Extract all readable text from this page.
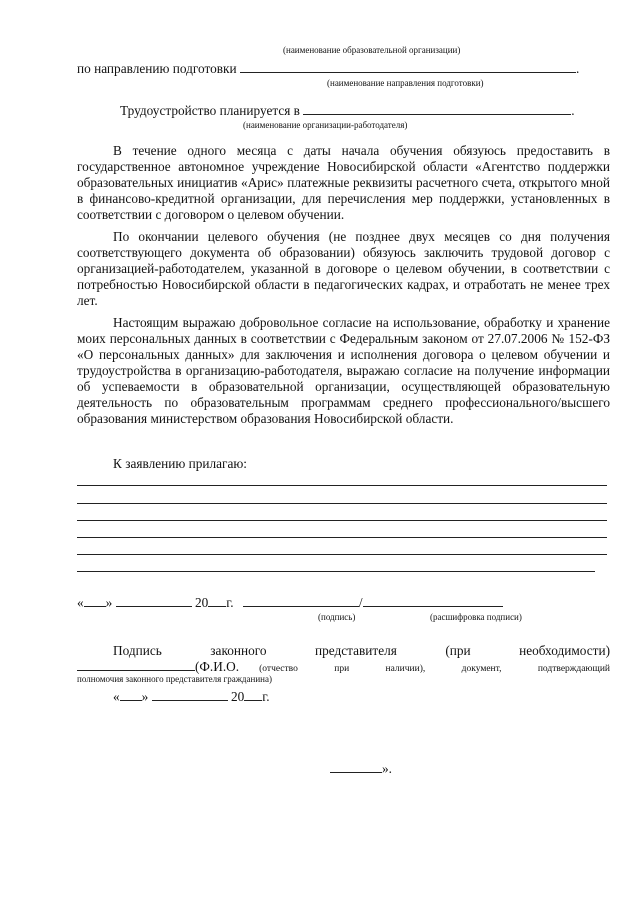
(наименование образовательной организации)
по направлению подготовки	.
(наименование направления подготовки)
Трудоустройство планируется в	.
(наименование организации-работодателя)
В течение одного месяца с даты начала обучения обязуюсь предоставить в государственное автономное учреждение Новосибирской области «Агентство поддержки образовательных инициатив «Арис» платежные реквизиты расчетного счета, открытого мной в финансово-кредитной организации, для перечисления мер поддержки, установленных в соответствии с договором о целевом обучении.
По окончании целевого обучения (не позднее двух месяцев со дня получения соответствующего документа об образовании) обязуюсь заключить трудовой договор с организацией-работодателем, указанной в договоре о целевом обучении, в соответствии с потребностью Новосибирской области в педагогических кадрах, и отработать не менее трех лет.
Настоящим выражаю добровольное согласие на использование, обработку и хранение моих персональных данных в соответствии с Федеральным законом от 27.07.2006 № 152-ФЗ «О персональных данных» для заключения и исполнения договора о целевом обучении и трудоустройства в организацию-работодателя, выражаю согласие на получение информации об успеваемости в образовательной организации, осуществляющей образовательную деятельность по образовательным программам среднего профессионального/высшего образования министерством образования Новосибирской области.
К заявлению прилагаю:
« »	20 г.	/
(подпись)	(расшифровка подписи)
Подпись законного представителя (при необходимости)
(Ф.И.О. (отчество при наличии), документ, подтверждающий
полномочия законного представителя гражданина)
« »	20 г.
».
